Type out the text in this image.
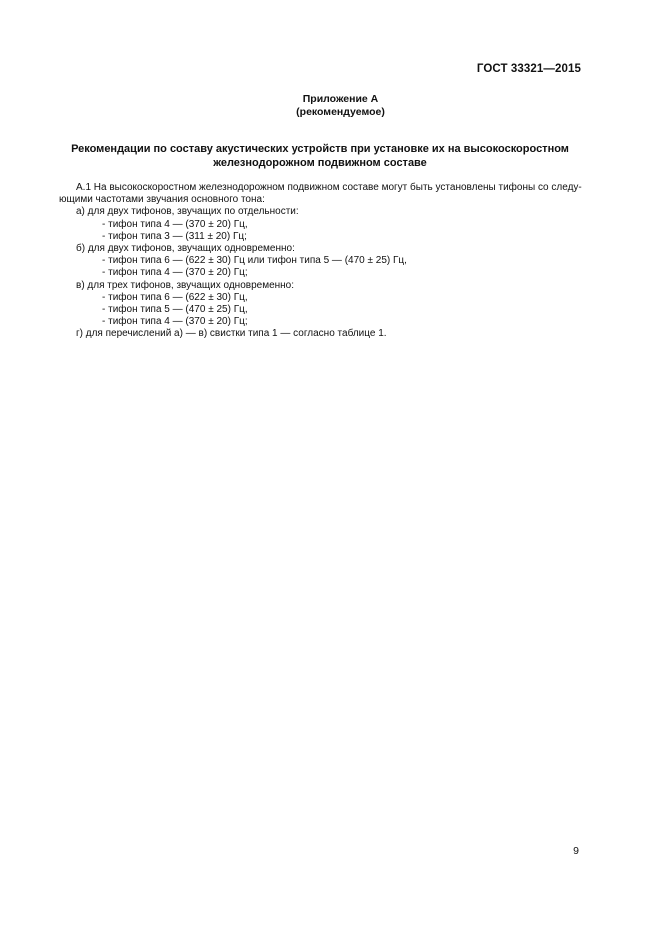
ГОСТ 33321—2015
Приложение А
(рекомендуемое)
Рекомендации по составу акустических устройств при установке их на высокоскоростном
железнодорожном подвижном составе
А.1 На высокоскоростном железнодорожном подвижном составе могут быть установлены тифоны со следу-
ющими частотами звучания основного тона:
а) для двух тифонов, звучащих по отдельности:
- тифон типа 4 — (370 ± 20) Гц,
- тифон типа 3 — (311 ± 20) Гц;
б) для двух тифонов, звучащих одновременно:
- тифон типа 6 — (622 ± 30) Гц или тифон типа 5 — (470 ± 25) Гц,
- тифон типа 4 — (370 ± 20) Гц;
в) для трех тифонов, звучащих одновременно:
- тифон типа 6 — (622 ± 30) Гц,
- тифон типа 5 — (470 ± 25) Гц,
- тифон типа 4 — (370 ± 20) Гц;
г) для перечислений а) — в) свистки типа 1 — согласно таблице 1.
9
